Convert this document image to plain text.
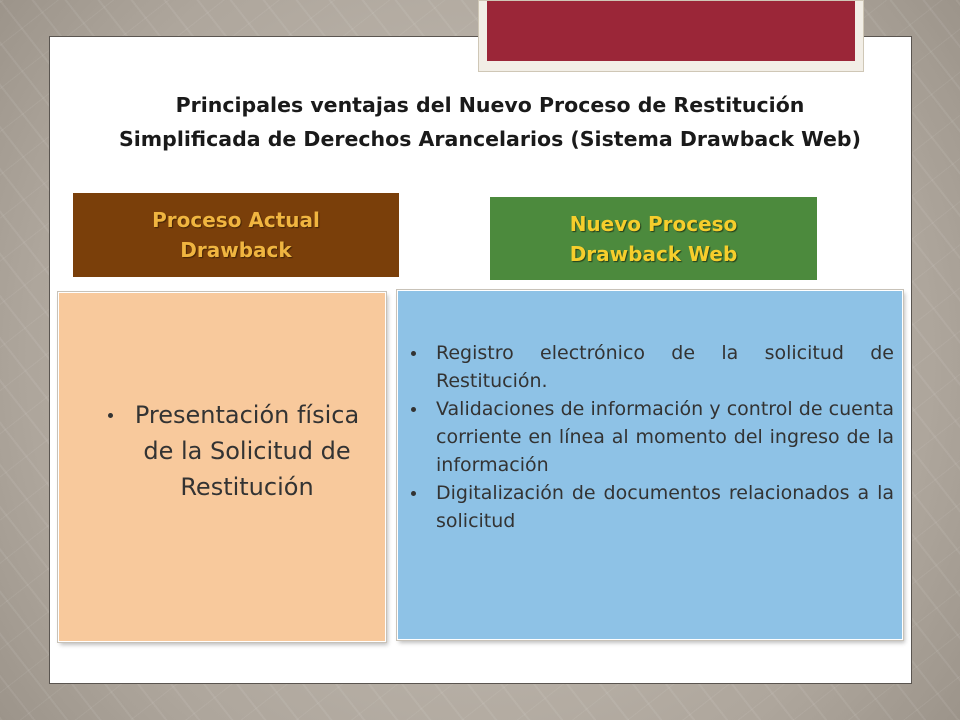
Principales ventajas del Nuevo Proceso de Restitución
Simplificada de Derechos Arancelarios (Sistema Drawback Web)
Proceso Actual
Drawback
Nuevo Proceso
Drawback Web
Presentación física de la Solicitud de Restitución
Registro electrónico de la solicitud de Restitución.
Validaciones de información y control de cuenta corriente en línea al momento del ingreso de la información
Digitalización de documentos relacionados a la solicitud
